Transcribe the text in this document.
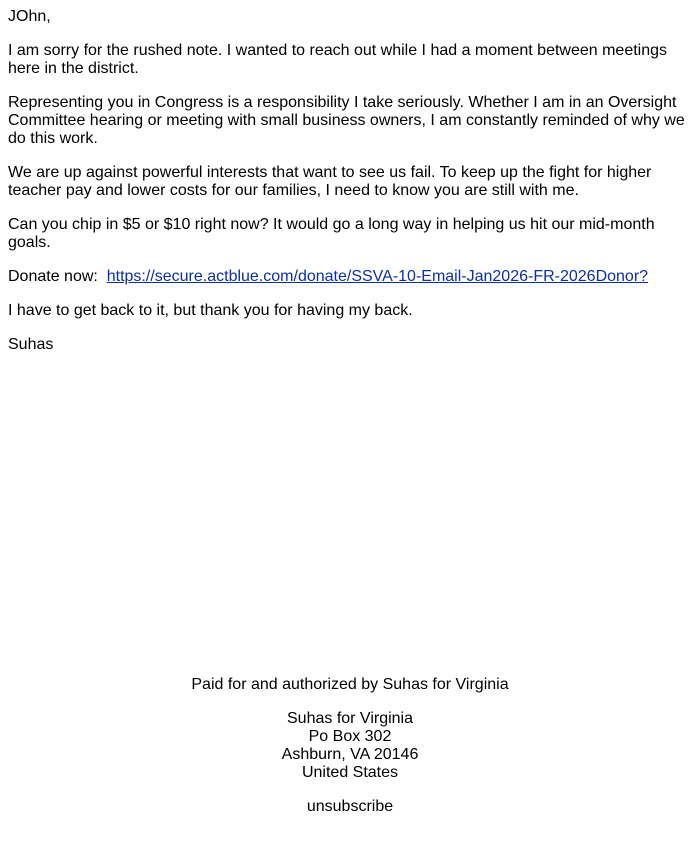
JOhn,

I am sorry for the rushed note. I wanted to reach out while I had a moment between meetings here in the district.

Representing you in Congress is a responsibility I take seriously. Whether I am in an Oversight Committee hearing or meeting with small business owners, I am constantly reminded of why we do this work.

We are up against powerful interests that want to see us fail. To keep up the fight for higher teacher pay and lower costs for our families, I need to know you are still with me.

Can you chip in $5 or $10 right now? It would go a long way in helping us hit our mid-month goals.

Donate now: https://secure.actblue.com/donate/SSVA-10-Email-Jan2026-FR-2026Donor?

I have to get back to it, but thank you for having my back.

Suhas

Paid for and authorized by Suhas for Virginia

Suhas for Virginia
Po Box 302
Ashburn, VA 20146
United States

unsubscribe
